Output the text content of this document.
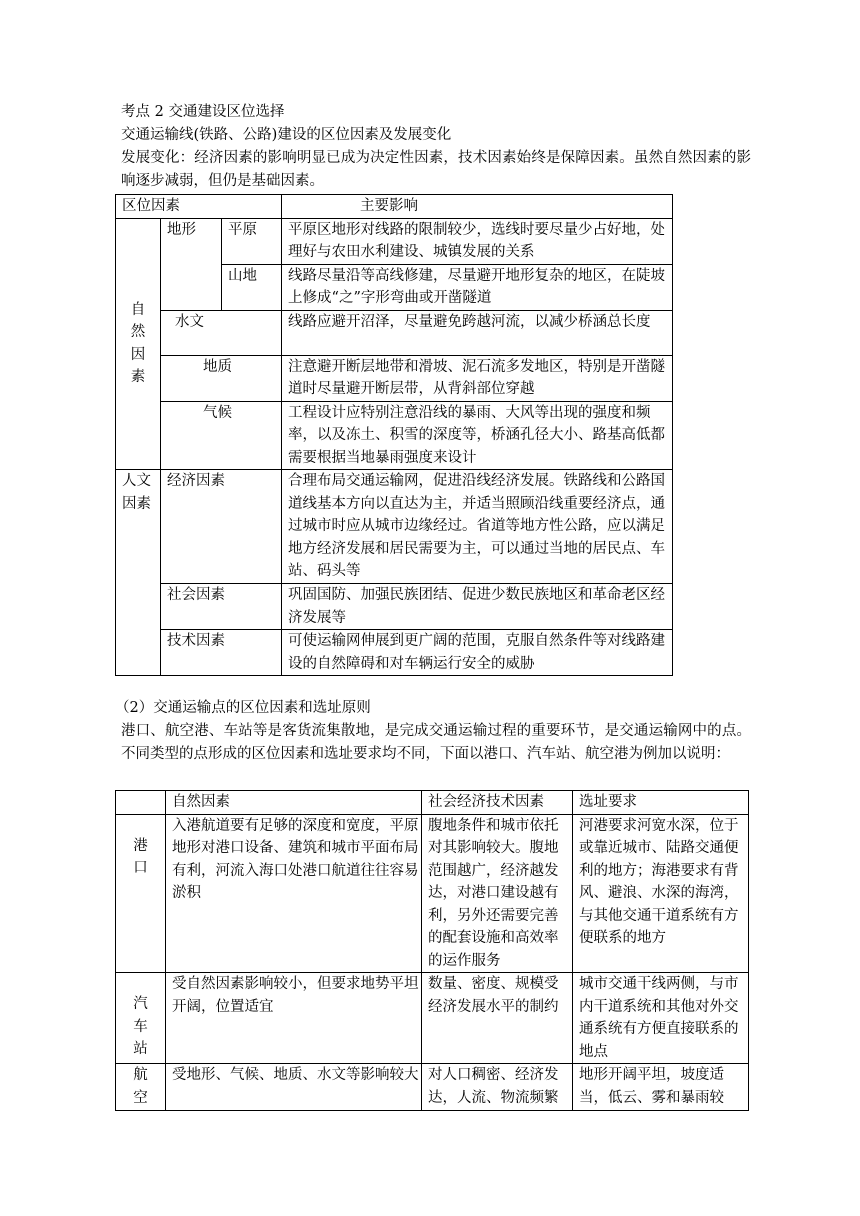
考点 2 交通建设区位选择
交通运输线(铁路、公路)建设的区位因素及发展变化
发展变化：经济因素的影响明显已成为决定性因素，技术因素始终是保障因素。虽然自然因素的影响逐步减弱，但仍是基础因素。
区位因素			主要影响
自然因素	地形	平原	平原区地形对线路的限制较少，选线时要尽量少占好地，处理好与农田水利建设、城镇发展的关系
		山地	线路尽量沿等高线修建，尽量避开地形复杂的地区，在陡坡上修成“之”字形弯曲或开凿隧道
	水文		线路应避开沼泽，尽量避免跨越河流，以减少桥涵总长度
	地质		注意避开断层地带和滑坡、泥石流多发地区，特别是开凿隧道时尽量避开断层带，从背斜部位穿越
	气候		工程设计应特别注意沿线的暴雨、大风等出现的强度和频率，以及冻土、积雪的深度等，桥涵孔径大小、路基高低都需要根据当地暴雨强度来设计
人文因素	经济因素		合理布局交通运输网，促进沿线经济发展。铁路线和公路国道线基本方向以直达为主，并适当照顾沿线重要经济点，通过城市时应从城市边缘经过。省道等地方性公路，应以满足地方经济发展和居民需要为主，可以通过当地的居民点、车站、码头等
	社会因素		巩固国防、加强民族团结、促进少数民族地区和革命老区经济发展等
	技术因素		可使运输网伸展到更广阔的范围，克服自然条件等对线路建设的自然障碍和对车辆运行安全的威胁
（2）交通运输点的区位因素和选址原则
港口、航空港、车站等是客货流集散地，是完成交通运输过程的重要环节，是交通运输网中的点。不同类型的点形成的区位因素和选址要求均不同，下面以港口、汽车站、航空港为例加以说明：
	自然因素	社会经济技术因素	选址要求
港口	入港航道要有足够的深度和宽度，平原地形对港口设备、建筑和城市平面布局有利，河流入海口处港口航道往往容易淤积	腹地条件和城市依托对其影响较大。腹地范围越广，经济越发达，对港口建设越有利，另外还需要完善的配套设施和高效率的运作服务	河港要求河宽水深，位于或靠近城市、陆路交通便利的地方；海港要求有背风、避浪、水深的海湾，与其他交通干道系统有方便联系的地方
汽车站	受自然因素影响较小，但要求地势平坦开阔，位置适宜	数量、密度、规模受经济发展水平的制约	城市交通干线两侧，与市内干道系统和其他对外交通系统有方便直接联系的地点
航空	受地形、气候、地质、水文等影响较大	对人口稠密、经济发达，人流、物流频繁	地形开阔平坦，坡度适当，低云、雾和暴雨较
